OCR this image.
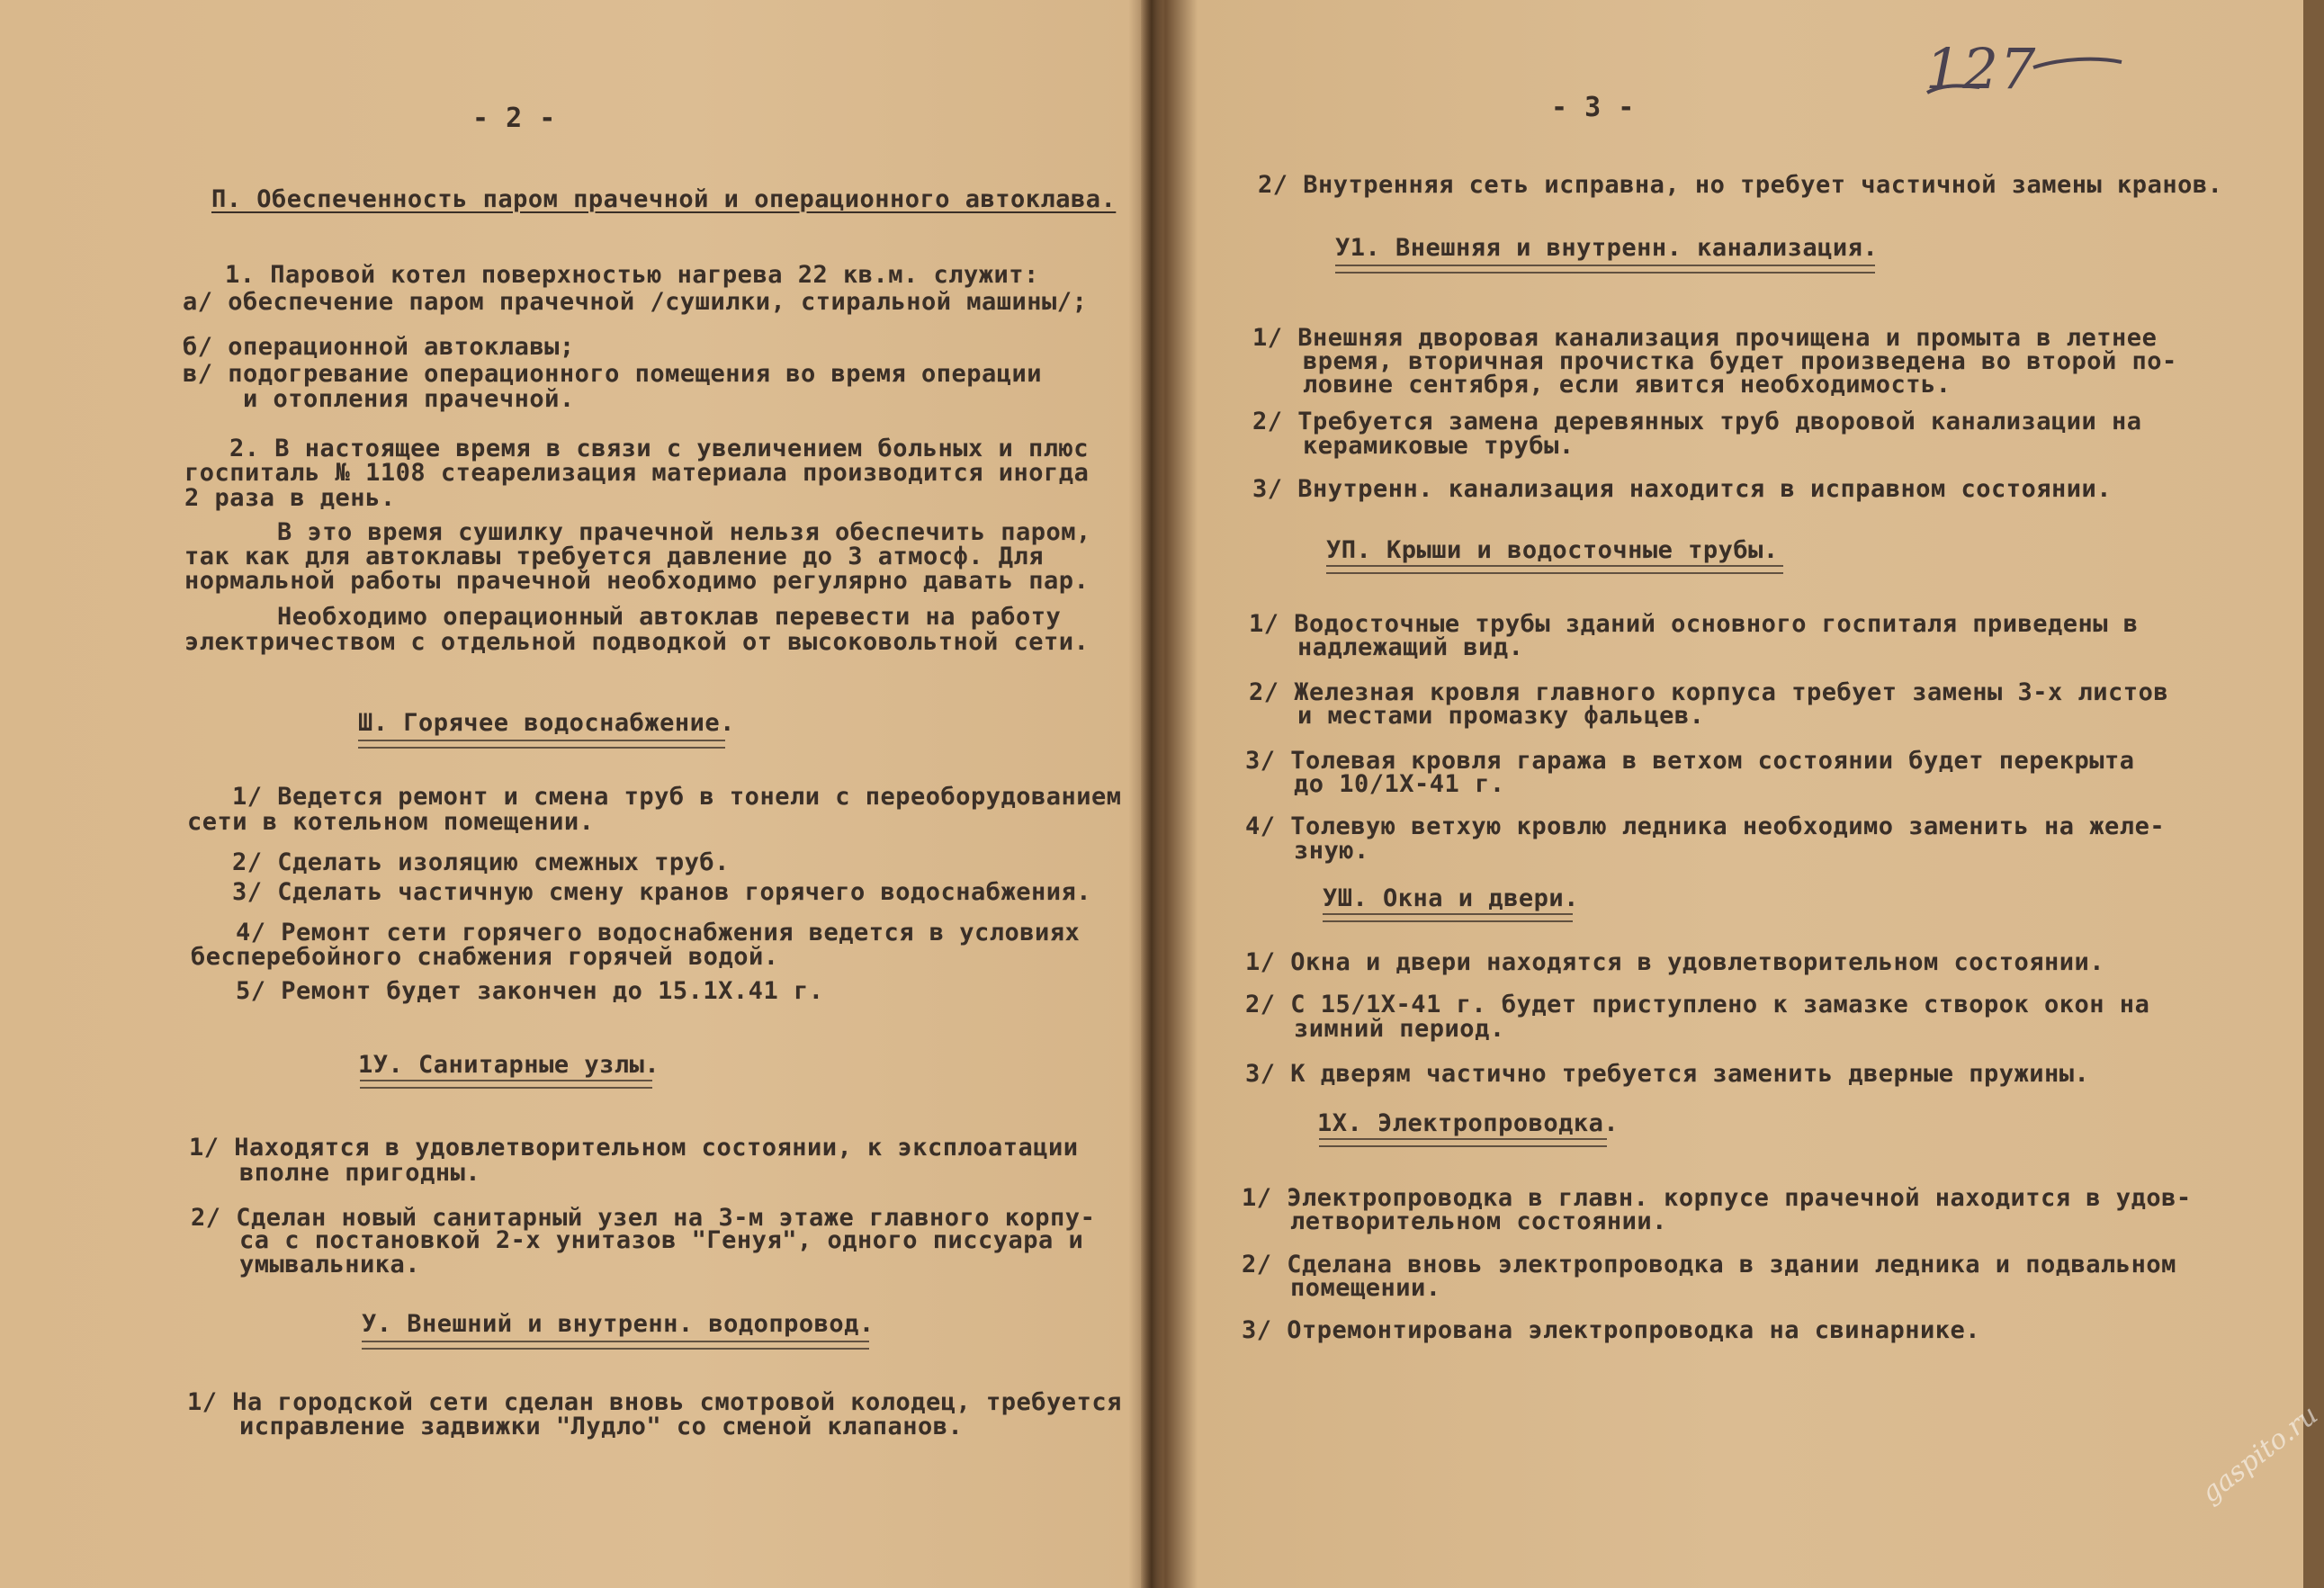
- 2 -
П. Обеспеченность паром прачечной и операционного автоклава.
1. Паровой котел поверхностью нагрева 22 кв.м. служит:
а/ обеспечение паром прачечной /сушилки, стиральной машины/;
б/ операционной автоклавы;
в/ подогревание операционного помещения во время операции
и отопления прачечной.
2. В настоящее время в связи с увеличением больных и плюс
госпиталь № 1108 стеарелизация материала производится иногда
2 раза в день.
В это время сушилку прачечной нельзя обеспечить паром,
так как для автоклавы требуется давление до 3 атмосф. Для
нормальной работы прачечной необходимо регулярно давать пар.
Необходимо операционный автоклав перевести на работу
электричеством с отдельной подводкой от высоковольтной сети.
Ш. Горячее водоснабжение.
1/ Ведется ремонт и смена труб в тонели с переоборудованием
сети в котельном помещении.
2/ Сделать изоляцию смежных труб.
3/ Сделать частичную смену кранов горячего водоснабжения.
4/ Ремонт сети горячего водоснабжения ведется в условиях
бесперебойного снабжения горячей водой.
5/ Ремонт будет закончен до 15.1Х.41 г.
1У. Санитарные узлы.
1/ Находятся в удовлетворительном состоянии, к эксплоатации
вполне пригодны.
2/ Сделан новый санитарный узел на 3-м этаже главного корпу-
са с постановкой 2-х унитазов "Генуя", одного писсуара и
умывальника.
У. Внешний и внутренн. водопровод.
1/ На городской сети сделан вновь смотровой колодец, требуется
исправление задвижки "Лудло" со сменой клапанов.
- 3 -
2/ Внутренняя сеть исправна, но требует частичной замены кранов.
У1. Внешняя и внутренн. канализация.
1/ Внешняя дворовая канализация прочищена и промыта в летнее
время, вторичная прочистка будет произведена во второй по-
ловине сентября, если явится необходимость.
2/ Требуется замена деревянных труб дворовой канализации на
керамиковые трубы.
3/ Внутренн. канализация находится в исправном состоянии.
УП. Крыши и водосточные трубы.
1/ Водосточные трубы зданий основного госпиталя приведены в
надлежащий вид.
2/ Железная кровля главного корпуса требует замены 3-х листов
и местами промазку фальцев.
3/ Толевая кровля гаража в ветхом состоянии будет перекрыта
до 10/1Х-41 г.
4/ Толевую ветхую кровлю ледника необходимо заменить на желе-
зную.
УШ. Окна и двери.
1/ Окна и двери находятся в удовлетворительном состоянии.
2/ С 15/1Х-41 г. будет приступлено к замазке створок окон на
зимний период.
3/ К дверям частично требуется заменить дверные пружины.
1Х. Электропроводка.
1/ Электропроводка в главн. корпусе прачечной находится в удов-
летворительном состоянии.
2/ Сделана вновь электропроводка в здании ледника и подвальном
помещении.
3/ Отремонтирована электропроводка на свинарнике.
127
gaspito.ru
